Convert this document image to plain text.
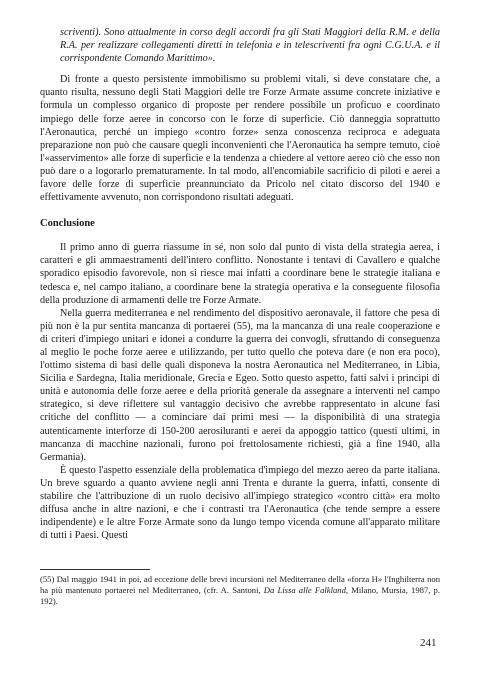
scriventi). Sono attualmente in corso degli accordi fra gli Stati Maggiori della R.M. e della R.A. per realizzare collegamenti diretti in telefonia e in telescriventi fra ogni C.G.U.A. e il corrispondente Comando Marittimo».

Di fronte a questo persistente immobilismo su problemi vitali, si deve constatare che, a quanto risulta, nessuno degli Stati Maggiori delle tre Forze Armate assume concrete iniziative e formula un complesso organico di proposte per rendere possibile un proficuo e coordinato impiego delle forze aeree in concorso con le forze di superficie. Ciò danneggia soprattutto l'Aeronautica, perché un impiego «contro forze» senza conoscenza reciproca e adeguata preparazione non può che causare quegli inconvenienti che l'Aeronautica ha sempre temuto, cioè l'«asservimento» alle forze di superficie e la tendenza a chiedere al vettore aereo ciò che esso non può dare o a logorarlo prematuramente. In tal modo, all'encomiabile sacrificio di piloti e aerei a favore delle forze di superficie preannunciato da Pricolo nel citato discorso del 1940 e effettivamente avvenuto, non corrispondono risultati adeguati.

Conclusione

Il primo anno di guerra riassume in sé, non solo dal punto di vista della strategia aerea, i caratteri e gli ammaestramenti dell'intero conflitto. Nonostante i tentavi di Cavallero e qualche sporadico episodio favorevole, non si riesce mai infatti a coordinare bene le strategie italiana e tedesca e, nel campo italiano, a coordinare bene la strategia operativa e la conseguente filosofia della produzione di armamenti delle tre Forze Armate.

Nella guerra mediterranea e nel rendimento del dispositivo aeronavale, il fattore che pesa di più non è la pur sentita mancanza di portaerei (55), ma la mancanza di una reale cooperazione e di criteri d'impiego unitari e idonei a condurre la guerra dei convogli, sfruttando di conseguenza al meglio le poche forze aeree e utilizzando, per tutto quello che poteva dare (e non era poco), l'ottimo sistema di basi delle quali disponeva la nostra Aeronautica nel Mediterraneo, in Libia, Sicilia e Sardegna, Italia meridionale, Grecia e Egeo. Sotto questo aspetto, fatti salvi i princìpi di unità e autonomia delle forze aeree e della priorità generale da assegnare a interventi nel campo strategico, si deve riflettere sul vantaggio decisivo che avrebbe rappresentato in alcune fasi critiche del conflitto — a cominciare dai primi mesi — la disponibilità di una strategia autenticamente interforze di 150-200 aerosiluranti e aerei da appoggio tattico (questi ultimi, in mancanza di macchine nazionali, furono poi frettolosamente richiesti, già a fine 1940, alla Germania).

È questo l'aspetto essenziale della problematica d'impiego del mezzo aereo da parte italiana. Un breve sguardo a quanto avviene negli anni Trenta e durante la guerra, infatti, consente di stabilire che l'attribuzione di un ruolo decisivo all'impiego strategico «contro città» era molto diffusa anche in altre nazioni, e che i contrasti tra l'Aeronautica (che tende sempre a essere indipendente) e le altre Forze Armate sono da lungo tempo vicenda comune all'apparato militare di tutti i Paesi. Questi

(55) Dal maggio 1941 in poi, ad eccezione delle brevi incursioni nel Mediterraneo della «forza H» l'Inghilterra non ha più mantenuto portaerei nel Mediterraneo, (cfr. A. Santoni, Da Lissa alle Falkland, Milano, Mursia, 1987, p. 192).
241
